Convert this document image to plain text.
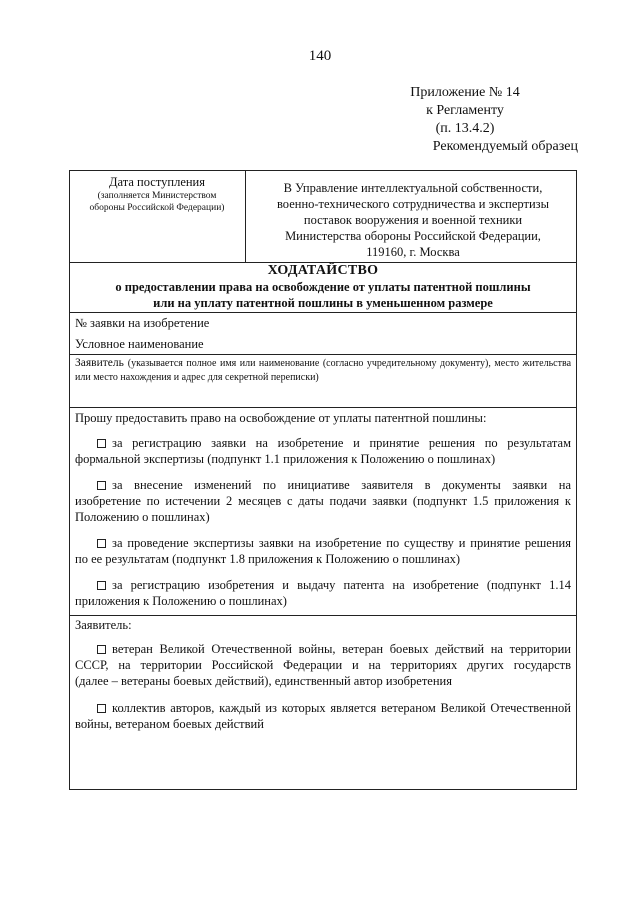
140
Приложение № 14
к Регламенту
(п. 13.4.2)
Рекомендуемый образец
Дата поступления
(заполняется Министерством обороны Российской Федерации)
В Управление интеллектуальной собственности,
военно-технического сотрудничества и экспертизы
поставок вооружения и военной техники
Министерства обороны Российской Федерации,
119160, г. Москва
ХОДАТАЙСТВО
о предоставлении права на освобождение от уплаты патентной пошлины
или на уплату патентной пошлины в уменьшенном размере
№ заявки на изобретение
Условное наименование
Заявитель (указывается полное имя или наименование (согласно учредительному документу), место жительства или место нахождения и адрес для секретной переписки)
Прошу предоставить право на освобождение от уплаты патентной пошлины:
за регистрацию заявки на изобретение и принятие решения по результатам
формальной экспертизы (подпункт 1.1 приложения к Положению о пошлинах)
за внесение изменений по инициативе заявителя в документы заявки на
изобретение по истечении 2 месяцев с даты подачи заявки (подпункт 1.5 приложения к
Положению о пошлинах)
за проведение экспертизы заявки на изобретение по существу и принятие решения
по ее результатам (подпункт 1.8 приложения к Положению о пошлинах)
за регистрацию изобретения и выдачу патента на изобретение (подпункт 1.14
приложения к Положению о пошлинах)
Заявитель:
ветеран Великой Отечественной войны, ветеран боевых действий на территории
СССР, на территории Российской Федерации и на территориях других государств
(далее – ветераны боевых действий), единственный автор изобретения
коллектив авторов, каждый из которых является ветераном Великой Отечественной
войны, ветераном боевых действий
